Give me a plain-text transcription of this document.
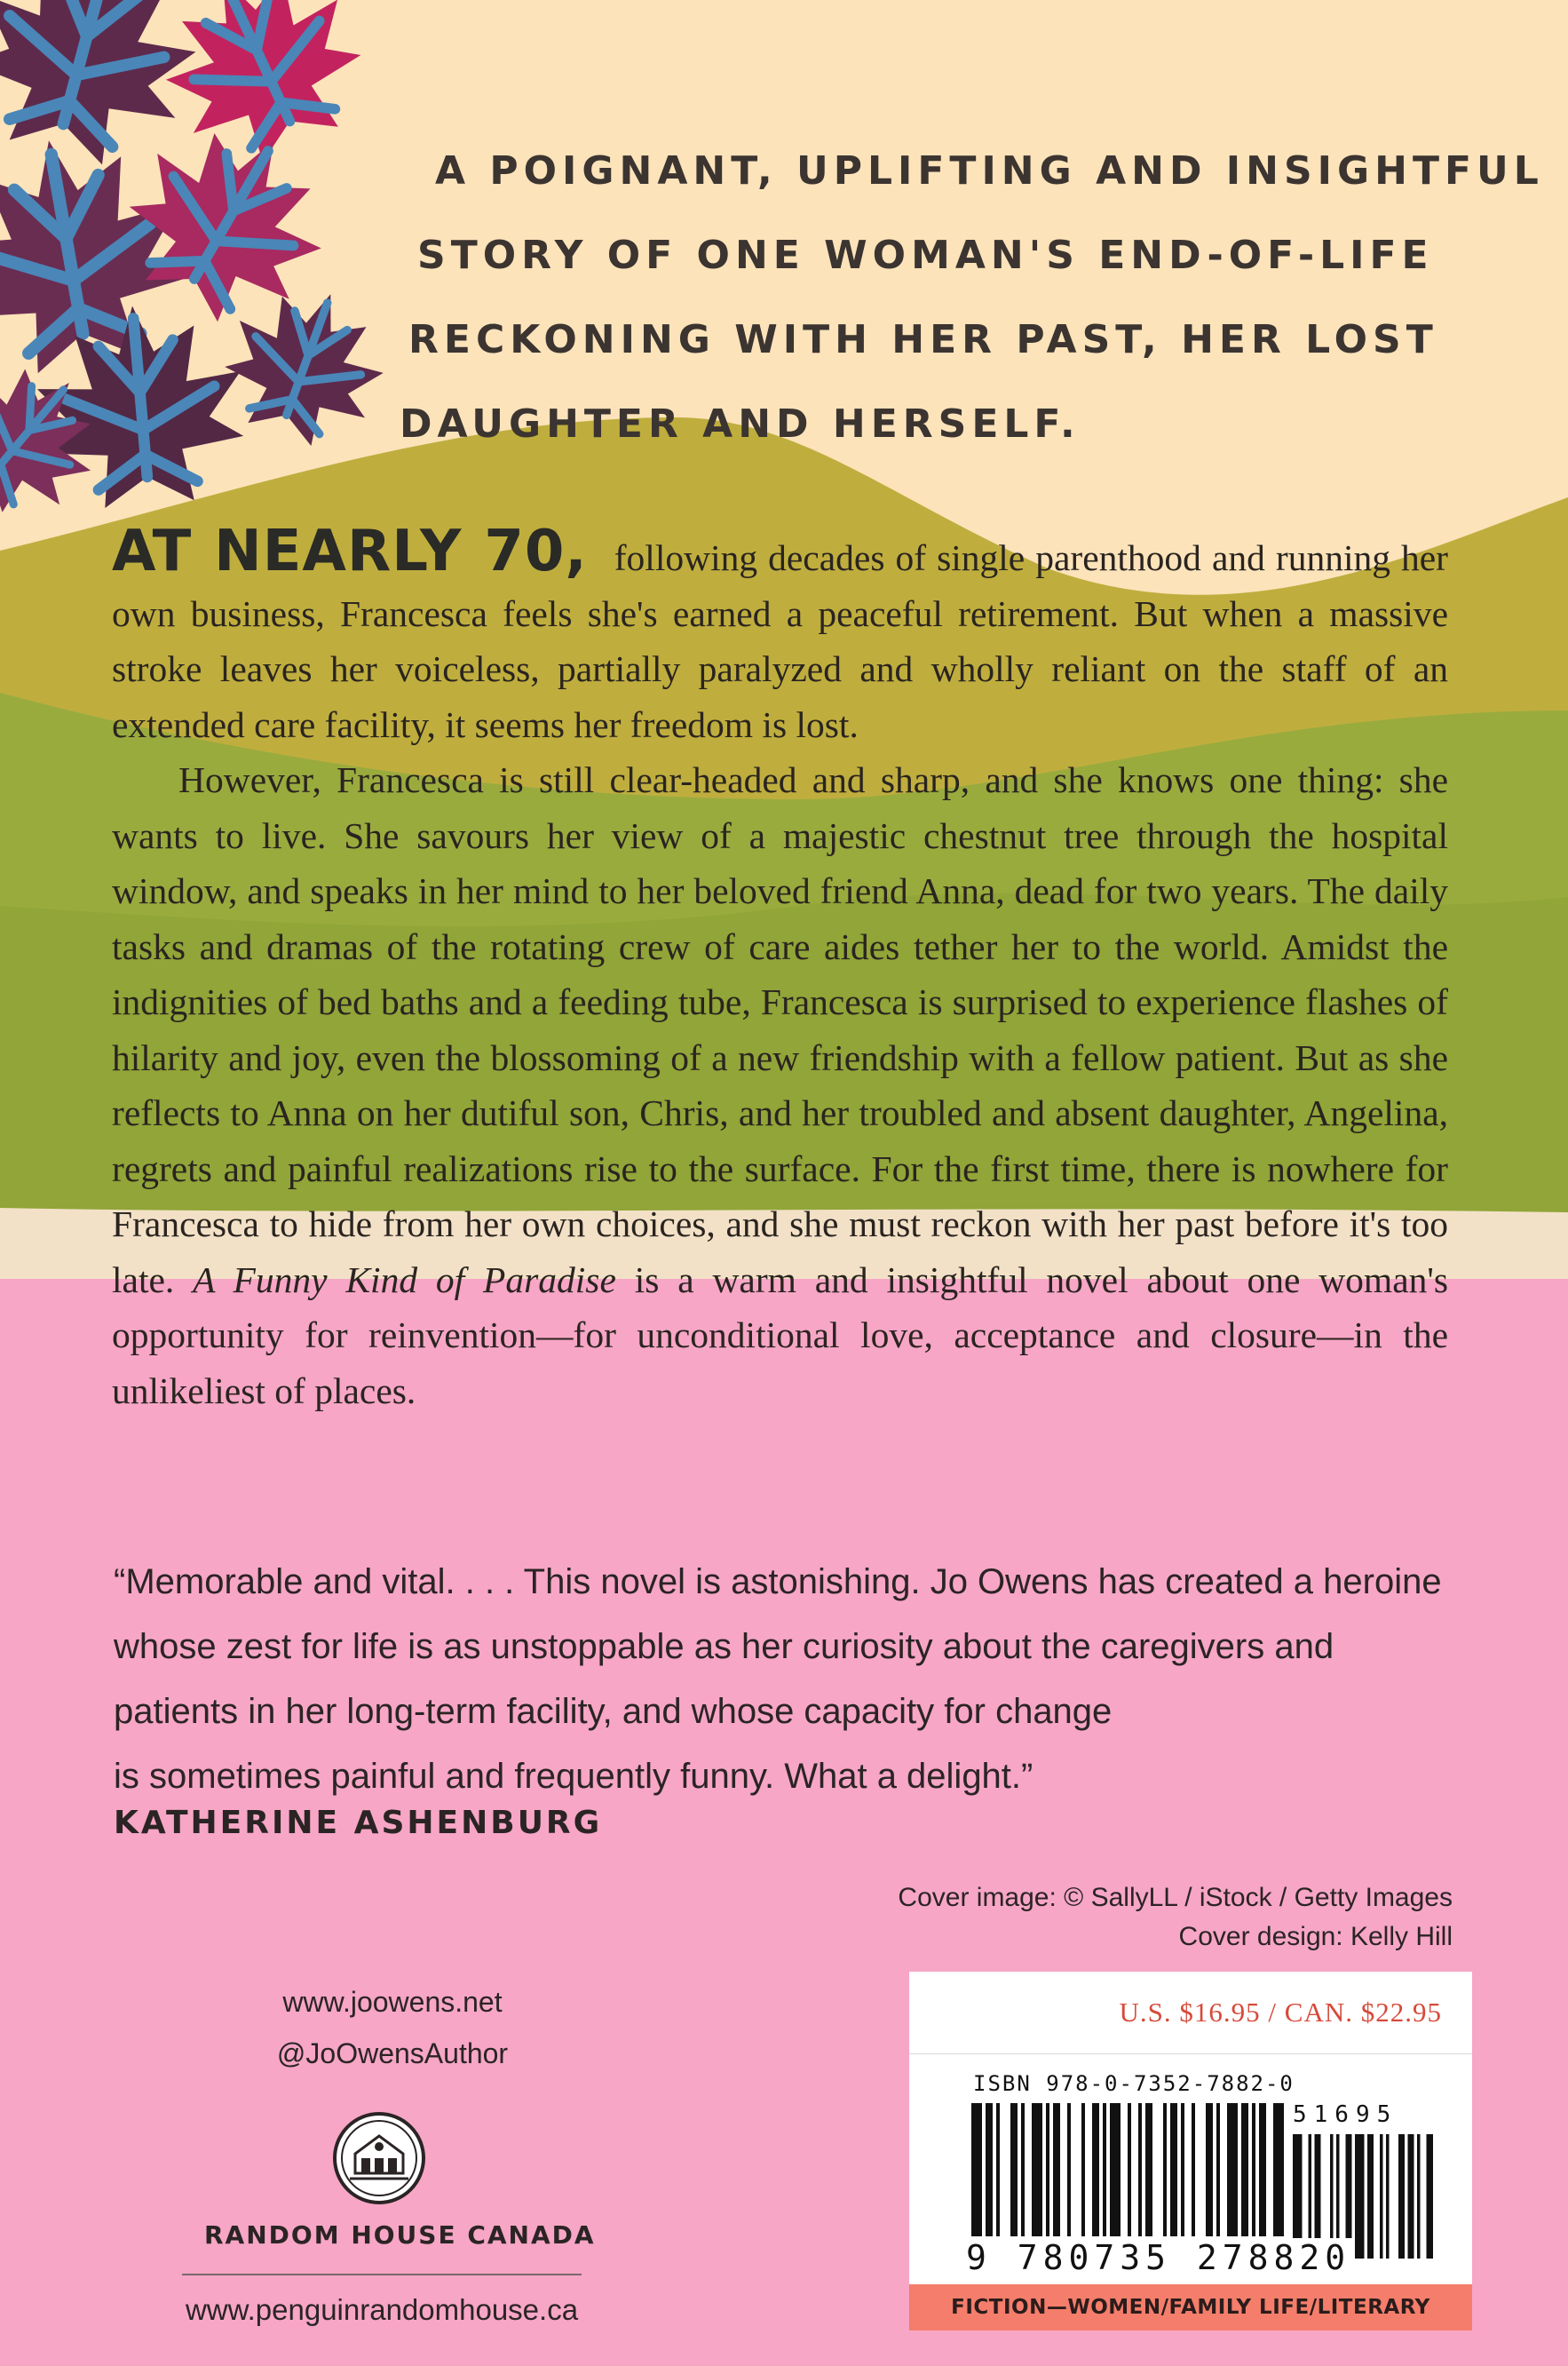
A POIGNANT, UPLIFTING AND INSIGHTFUL
STORY OF ONE WOMAN'S END-OF-LIFE
RECKONING WITH HER PAST, HER LOST
DAUGHTER AND HERSELF.
AT NEARLY 70, following decades of single parenthood and running her own business, Francesca feels she's earned a peaceful retirement. But when a massive stroke leaves her voiceless, partially paralyzed and wholly reliant on the staff of an extended care facility, it seems her freedom is lost.
However, Francesca is still clear-headed and sharp, and she knows one thing: she wants to live. She savours her view of a majestic chestnut tree through the hospital window, and speaks in her mind to her beloved friend Anna, dead for two years. The daily tasks and dramas of the rotating crew of care aides tether her to the world. Amidst the indignities of bed baths and a feeding tube, Francesca is surprised to experience flashes of hilarity and joy, even the blossoming of a new friendship with a fellow patient. But as she reflects to Anna on her dutiful son, Chris, and her troubled and absent daughter, Angelina, regrets and painful realizations rise to the surface. For the first time, there is nowhere for Francesca to hide from her own choices, and she must reckon with her past before it's too late. A Funny Kind of Paradise is a warm and insightful novel about one woman's opportunity for reinvention—for unconditional love, acceptance and closure—in the unlikeliest of places.
“Memorable and vital. . . . This novel is astonishing. Jo Owens has created a heroine
whose zest for life is as unstoppable as her curiosity about the caregivers and
patients in her long-term facility, and whose capacity for change
is sometimes painful and frequently funny. What a delight.”
KATHERINE ASHENBURG
Cover image: © SallyLL / iStock / Getty Images
Cover design: Kelly Hill
www.joowens.net
@JoOwensAuthor
RANDOM HOUSE CANADA
www.penguinrandomhouse.ca
U.S. $16.95 / CAN. $22.95
ISBN 978-0-7352-7882-0
51695
9 780735 278820
FICTION—WOMEN/FAMILY LIFE/LITERARY
